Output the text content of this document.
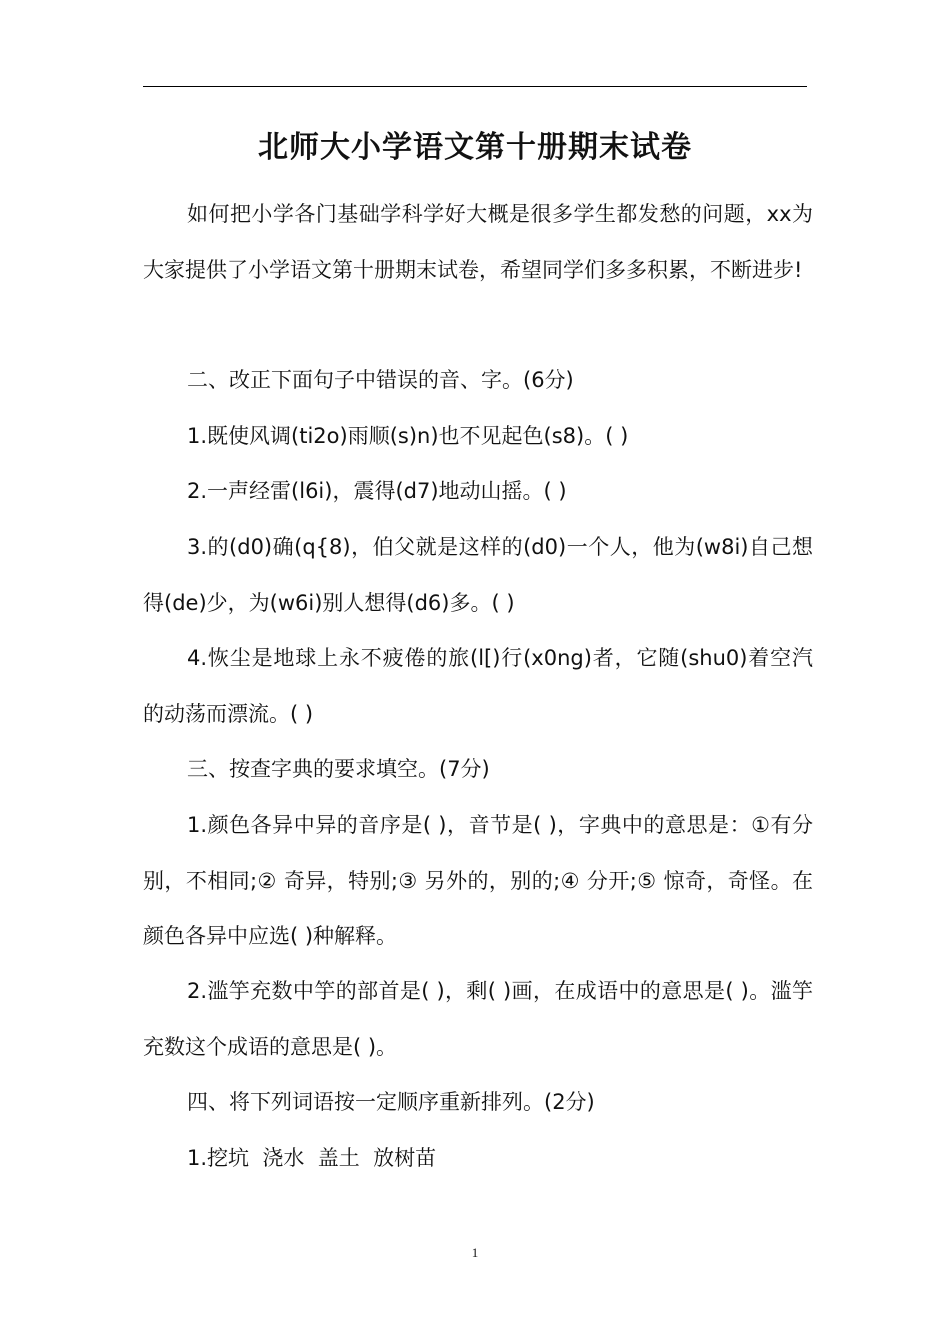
北师大小学语文第十册期末试卷

如何把小学各门基础学科学好大概是很多学生都发愁的问题，xx为大家提供了小学语文第十册期末试卷，希望同学们多多积累，不断进步!

二、改正下面句子中错误的音、字。(6分)

1.既使风调(ti2o)雨顺(s)n)也不见起色(s8)。( )

2.一声经雷(l6i)，震得(d7)地动山摇。( )

3.的(d0)确(q{8)，伯父就是这样的(d0)一个人，他为(w8i)自己想得(de)少，为(w6i)别人想得(d6)多。( )

4.恢尘是地球上永不疲倦的旅(l[)行(x0ng)者，它随(shu0)着空汽的动荡而漂流。( )

三、按查字典的要求填空。(7分)

1.颜色各异中异的音序是( )，音节是( )，字典中的意思是：①有分别，不相同;② 奇异，特别;③ 另外的，别的;④ 分开;⑤ 惊奇，奇怪。在颜色各异中应选( )种解释。

2.滥竽充数中竽的部首是( )，剩( )画，在成语中的意思是( )。滥竽充数这个成语的意思是( )。

四、将下列词语按一定顺序重新排列。(2分)

1.挖坑  浇水  盖土  放树苗

1
